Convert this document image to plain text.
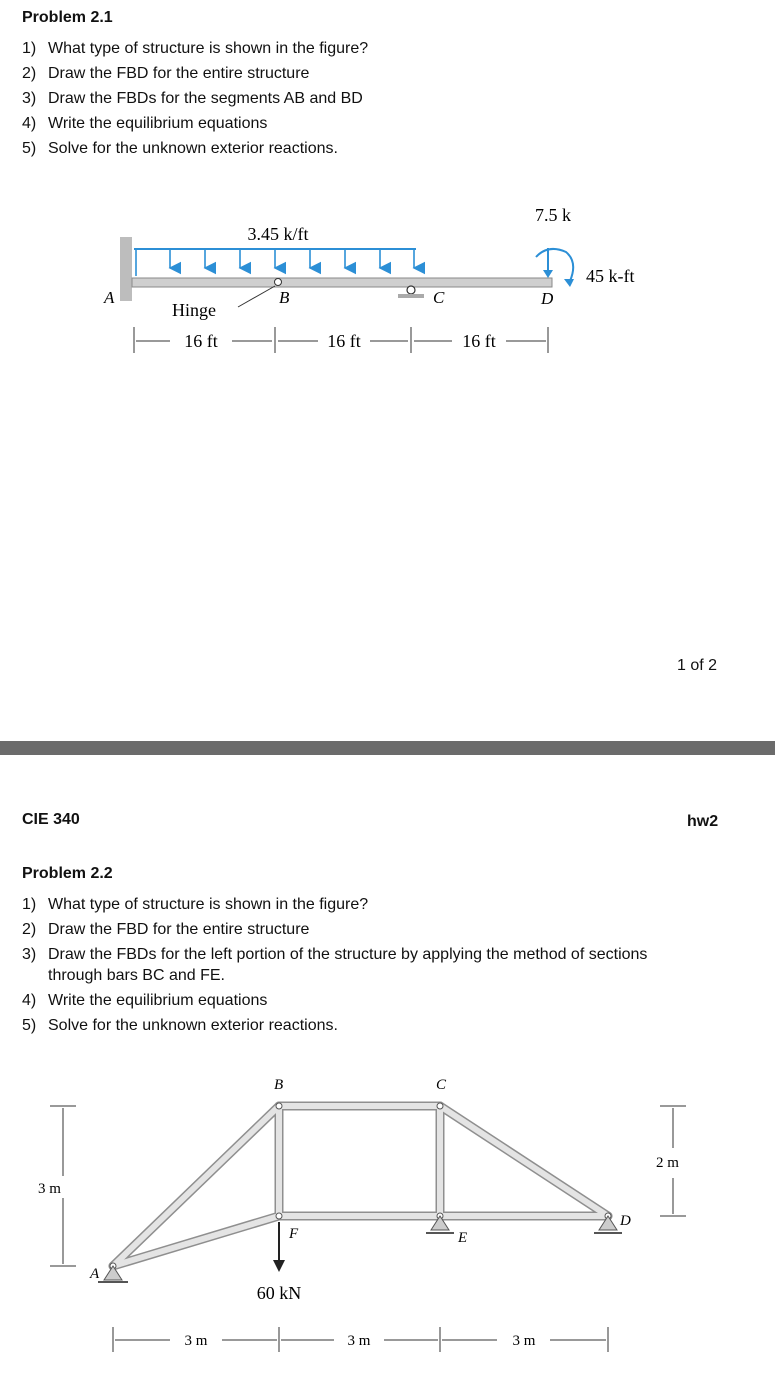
Problem 2.1
1) What type of structure is shown in the figure?
2) Draw the FBD for the entire structure
3) Draw the FBDs for the segments AB and BD
4) Write the equilibrium equations
5) Solve for the unknown exterior reactions.
3.45 k/ft
7.5 k
45 k-ft
A	B	C	D
Hinge
16 ft	16 ft	16 ft
1 of 2
CIE 340	hw2
Problem 2.2
1) What type of structure is shown in the figure?
2) Draw the FBD for the entire structure
3) Draw the FBDs for the left portion of the structure by applying the method of sections
through bars BC and FE.
4) Write the equilibrium equations
5) Solve for the unknown exterior reactions.
A
B	C
D
E
F
60 kN
3 m
2 m
3 m	3 m	3 m
